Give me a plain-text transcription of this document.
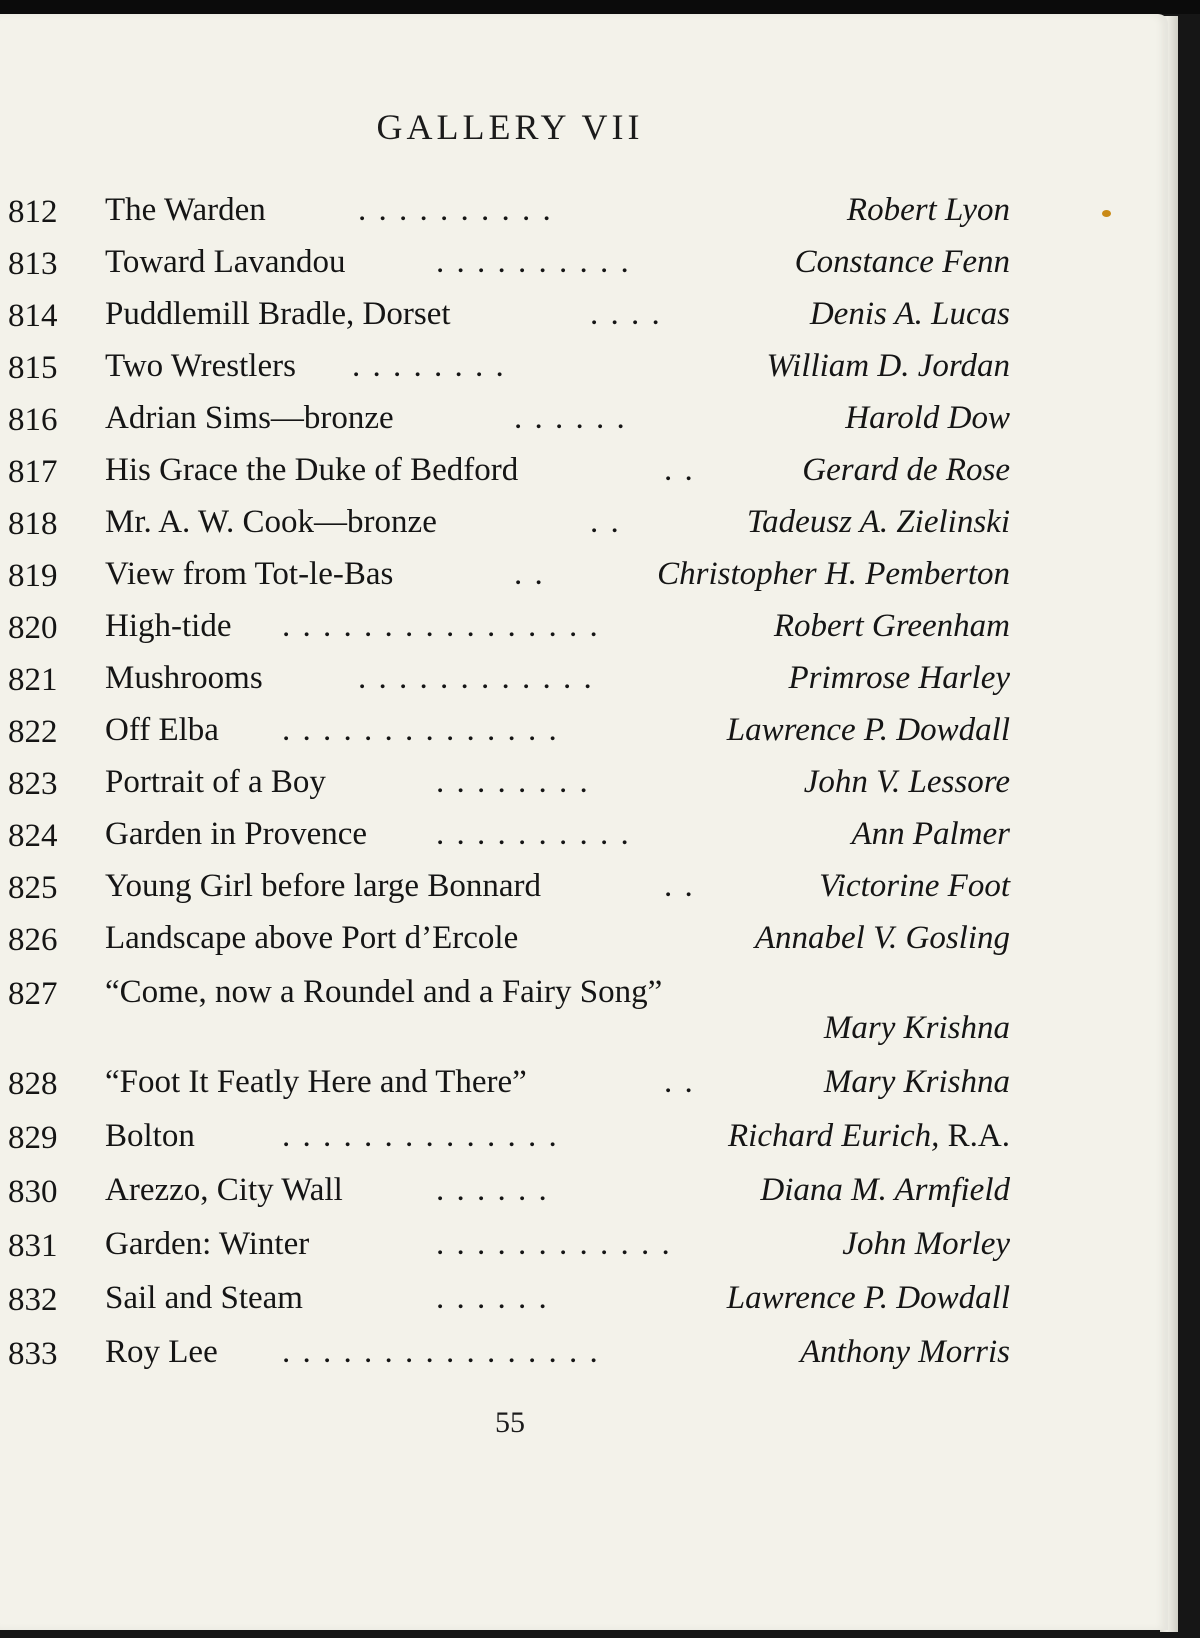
GALLERY VII
812 The Warden	. . . . . . . . . .	Robert Lyon
813 Toward Lavandou	. . . . . . . . . .	Constance Fenn
814 Puddlemill Bradle, Dorset	. . . .	Denis A. Lucas
815 Two Wrestlers . . . . . . . .	William D. Jordan
816 Adrian Sims—bronze	. . . . . .	Harold Dow
817 His Grace the Duke of Bedford	. .	Gerard de Rose
818 Mr. A. W. Cook—bronze	. .	Tadeusz A. Zielinski
819 View from Tot-le-Bas	. .	Christopher H. Pemberton
820 High-tide . . . . . . . . . . . . . . . .	Robert Greenham
821 Mushrooms	. . . . . . . . . . . .	Primrose Harley
822 Off Elba . . . . . . . . . . . . . .	Lawrence P. Dowdall
823 Portrait of a Boy	. . . . . . . .	John V. Lessore
824 Garden in Provence . . . . . . . . . .	Ann Palmer
825 Young Girl before large Bonnard	. .	Victorine Foot
826 Landscape above Port d’Ercole	Annabel V. Gosling
827 “Come, now a Roundel and a Fairy Song”
Mary Krishna
828 “Foot It Featly Here and There”	. .	Mary Krishna
829 Bolton	. . . . . . . . . . . . . .	Richard Eurich, R.A.
830 Arezzo, City Wall	. . . . . .	Diana M. Armfield
831 Garden: Winter	. . . . . . . . . . . .	John Morley
832 Sail and Steam	. . . . . .	Lawrence P. Dowdall
833 Roy Lee . . . . . . . . . . . . . . . .	Anthony Morris
55
